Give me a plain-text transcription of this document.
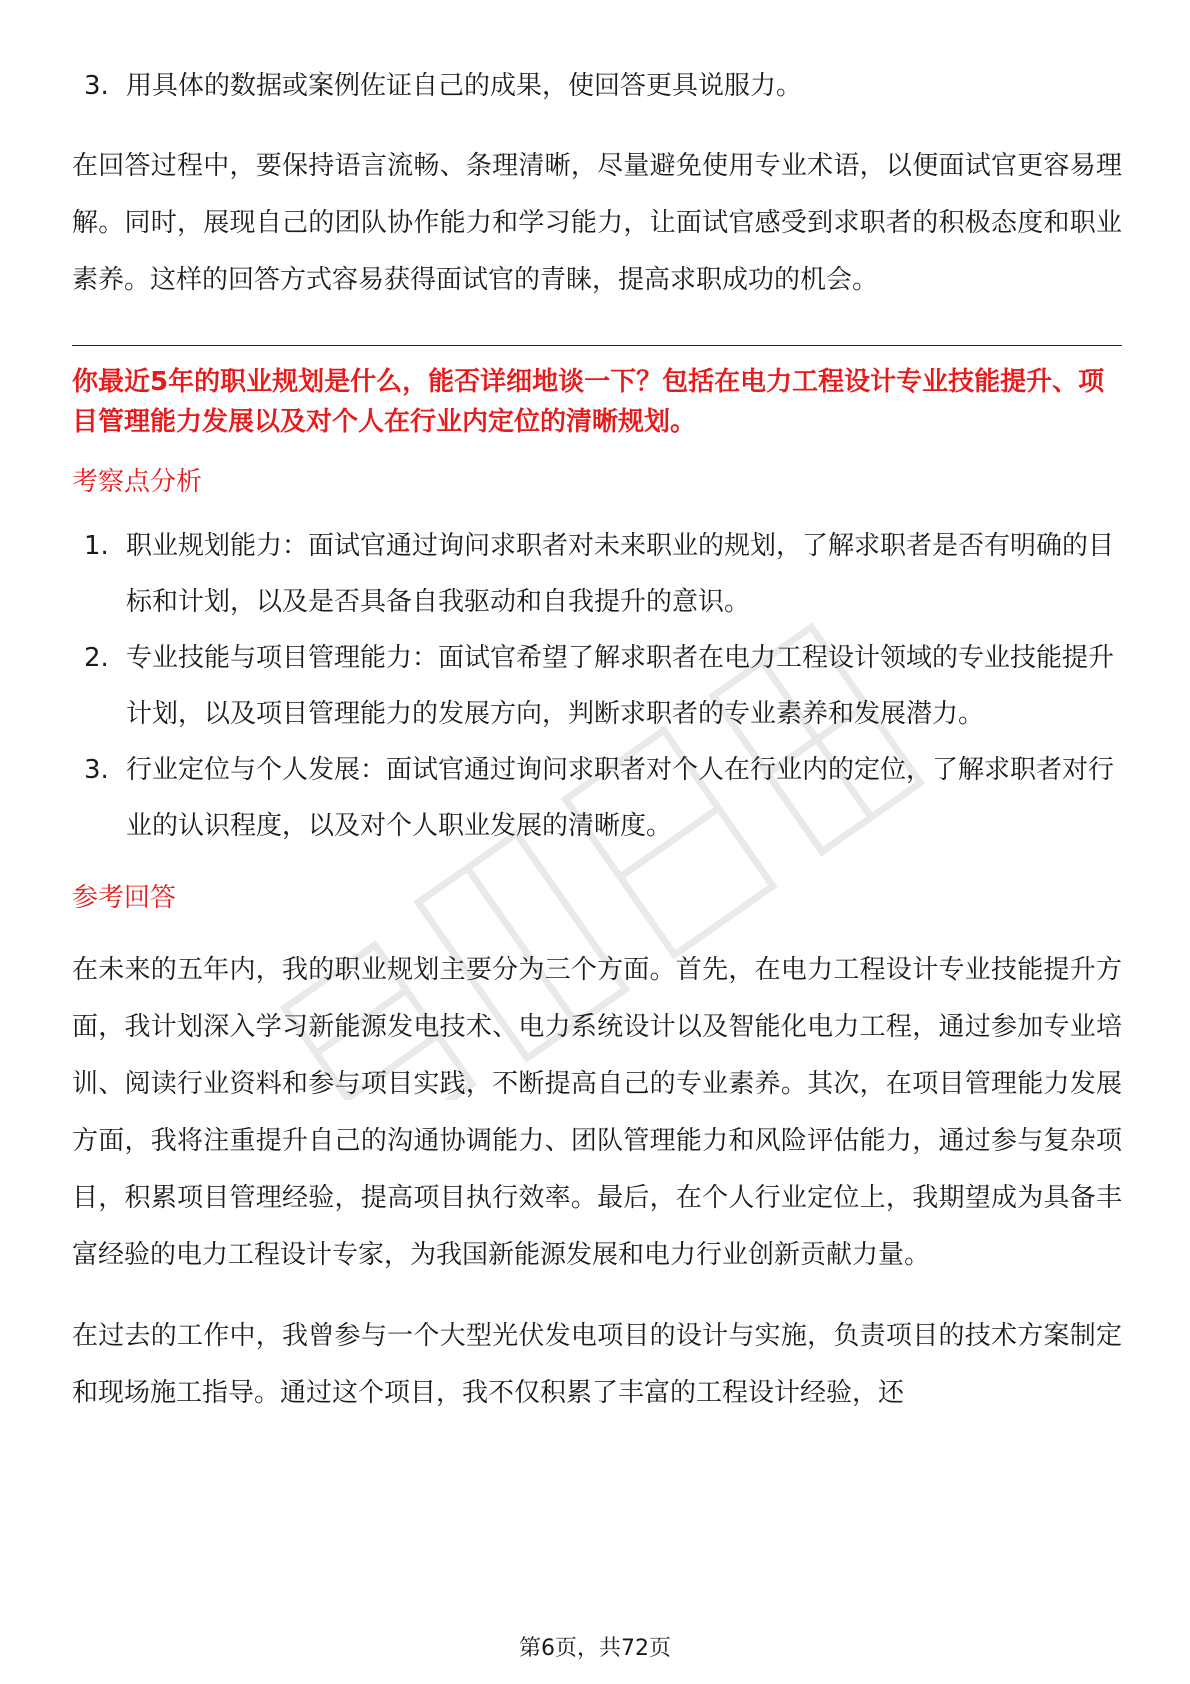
3. 用具体的数据或案例佐证自己的成果，使回答更具说服力。

在回答过程中，要保持语言流畅、条理清晰，尽量避免使用专业术语，以便面试官更容易理解。同时，展现自己的团队协作能力和学习能力，让面试官感受到求职者的积极态度和职业素养。这样的回答方式容易获得面试官的青睐，提高求职成功的机会。

你最近5年的职业规划是什么，能否详细地谈一下？包括在电力工程设计专业技能提升、项目管理能力发展以及对个人在行业内定位的清晰规划。
考察点分析
1. 职业规划能力：面试官通过询问求职者对未来职业的规划，了解求职者是否有明确的目标和计划，以及是否具备自我驱动和自我提升的意识。
2. 专业技能与项目管理能力：面试官希望了解求职者在电力工程设计领域的专业技能提升计划，以及项目管理能力的发展方向，判断求职者的专业素养和发展潜力。
3. 行业定位与个人发展：面试官通过询问求职者对个人在行业内的定位，了解求职者对行业的认识程度，以及对个人职业发展的清晰度。
参考回答

在未来的五年内，我的职业规划主要分为三个方面。首先，在电力工程设计专业技能提升方面，我计划深入学习新能源发电技术、电力系统设计以及智能化电力工程，通过参加专业培训、阅读行业资料和参与项目实践，不断提高自己的专业素养。其次，在项目管理能力发展方面，我将注重提升自己的沟通协调能力、团队管理能力和风险评估能力，通过参与复杂项目，积累项目管理经验，提高项目执行效率。最后，在个人行业定位上，我期望成为具备丰富经验的电力工程设计专家，为我国新能源发展和电力行业创新贡献力量。

在过去的工作中，我曾参与一个大型光伏发电项目的设计与实施，负责项目的技术方案制定和现场施工指导。通过这个项目，我不仅积累了丰富的工程设计经验，还

第6页，共72页
